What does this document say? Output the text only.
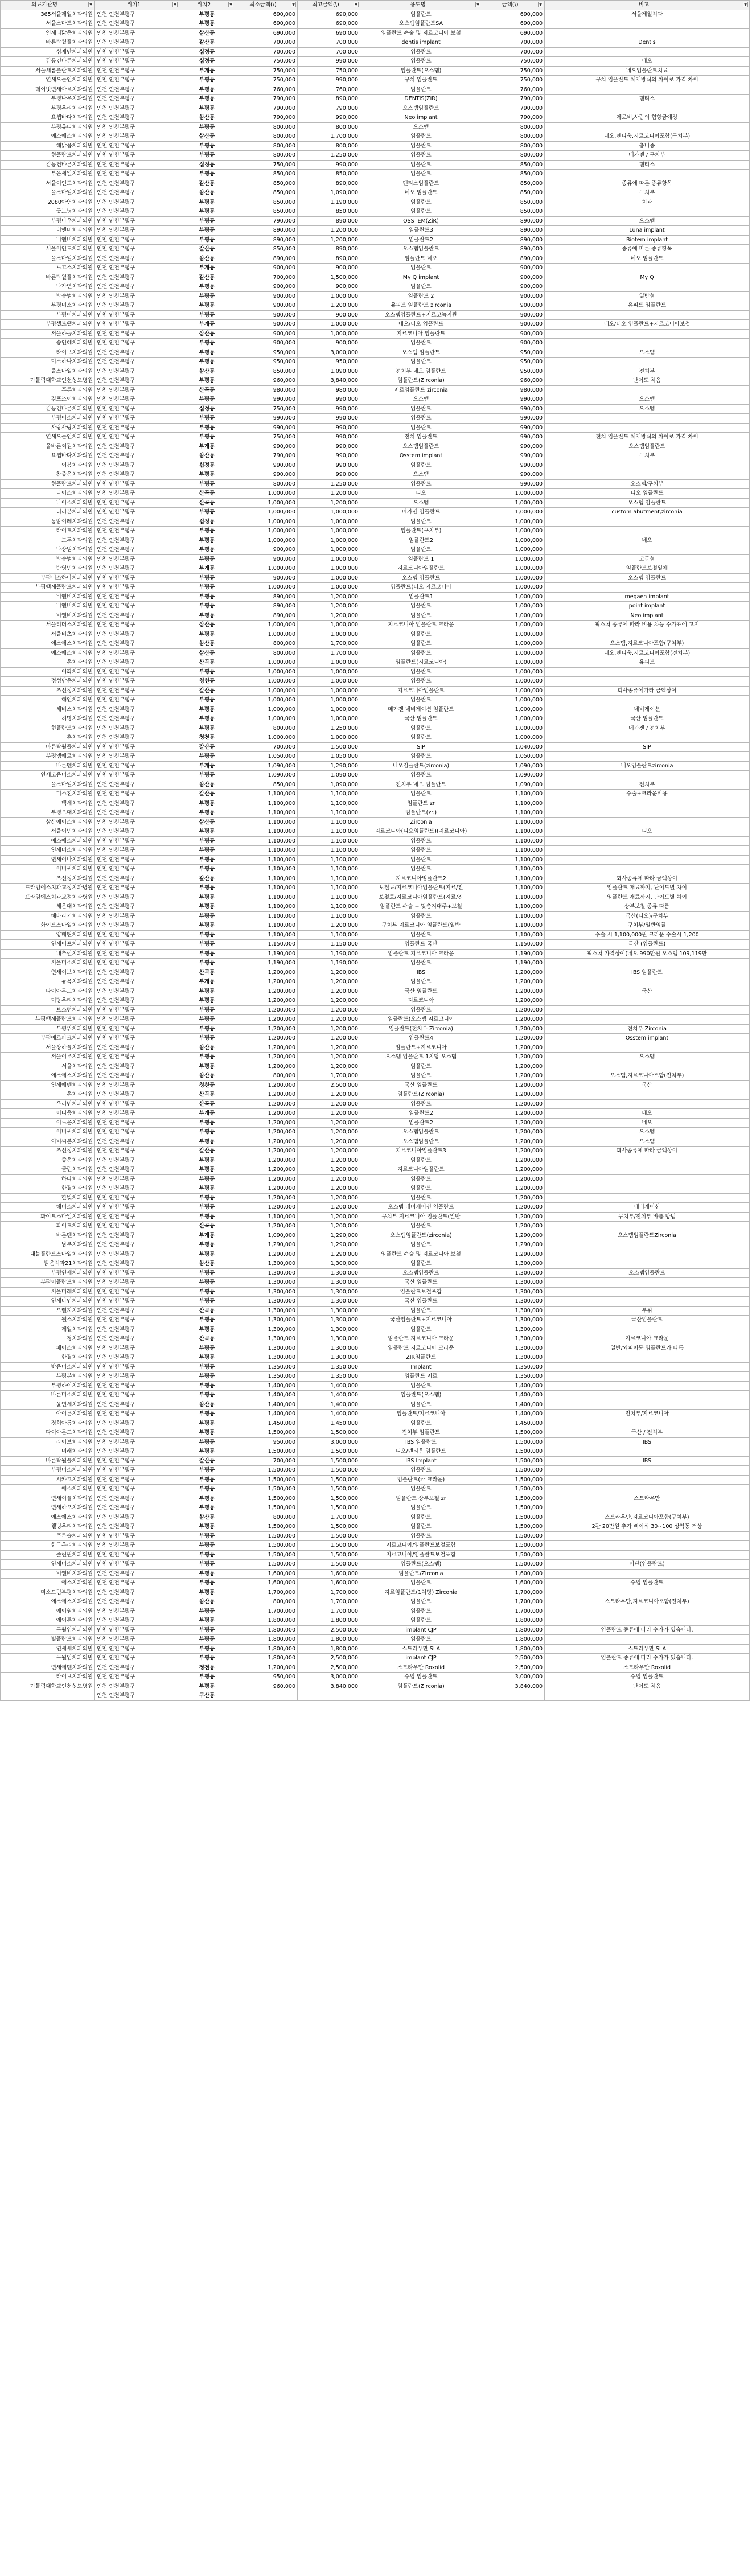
의료기관명 ▼	위치1 ▼	위치2 ▼	최소금액(\) ▼	최고금액(\) ▼	용도명 ▼	금액(\) ▼	비고 ▼

365서울제일치과의원	인천 인천부평구	부평동	690,000	690,000	임플란트	690,000	서울제일치과
서울스마트치과의원	인천 인천부평구	부평동	690,000	690,000	오스템임플란트SA	690,000	
연세더맑은치과의원	인천 인천부평구	삼산동	690,000	690,000	임플란트 수술 및 지르코니아 보철	690,000	
바른탁월플치과의원	인천 인천부평구	갈산동	700,000	700,000	dentis implant	700,000	Dentis
심재만치과의원	인천 인천부평구	십정동	700,000	700,000	임플란트	700,000	
김동건바른치과의원	인천 인천부평구	십정동	750,000	990,000	임플란트	750,000	네오
서울새롬플란트치과의원	인천 인천부평구	부개동	750,000	750,000	임플란트(오스템)	750,000	네오임플란트치료
연세오늘인치과의원	인천 인천부평구	부평동	750,000	990,000	구치 임플란트	750,000	구치 임플란트 체재방식의 차이로 가격 차이
데이빗연세아르치과의원	인천 인천부평구	부평동	760,000	760,000	임플란트	760,000	
부평나우치과의원	인천 인천부평구	부평동	790,000	890,000	DENTIS(ZiR)	790,000	덴티스
부평우리치과의원	인천 인천부평구	부평동	790,000	790,000	오스템임플란트	790,000	
요셉바다치과의원	인천 인천부평구	삼산동	790,000	990,000	Neo implant	790,000	제로비,사람의 힘향금예정
부평유디치과의원	인천 인천부평구	부평동	800,000	800,000	오스템	800,000	
에스에스치과의원	인천 인천부평구	삼산동	800,000	1,700,000	임플란트	800,000	네오,덴티움,지르코니아포함(구치부)
해맑음치과의원	인천 인천부평구	부평동	800,000	800,000	임플란트	800,000	충버종
현플란트치과의원	인천 인천부평구	부평동	800,000	1,250,000	임플란트	800,000	메가젠 / 구치부
김동건바른치과의원	인천 인천부평구	십정동	750,000	990,000	임플란트	850,000	덴티스
부은세일치과의원	인천 인천부평구	부평동	850,000	850,000	임플란트	850,000	
서울이인도치과의원	인천 인천부평구	갈산동	850,000	890,000	덴티스임플란트	850,000	종류에 따른 종류항목
올스마일치과의원	인천 인천부평구	삼산동	850,000	1,090,000	네오 임플란트	850,000	구치부
2080아연치과의원	인천 인천부평구	부평동	850,000	1,190,000	임플란트	850,000	치과
굿모닝치과의원	인천 인천부평구	부평동	850,000	850,000	임플란트	850,000	
부평나우치과의원	인천 인천부평구	부평동	790,000	890,000	OSSTEM(ZiR)	890,000	오스템
비엔비치과의원	인천 인천부평구	부평동	890,000	1,200,000	임플란트3	890,000	Luna implant
비엔비치과의원	인천 인천부평구	부평동	890,000	1,200,000	임플란트2	890,000	Biotem implant
서울이인도치과의원	인천 인천부평구	갈산동	850,000	890,000	오스템임플란트	890,000	종류에 따른 종류항목
올스마일치과의원	인천 인천부평구	삼산동	890,000	890,000	임플란트 네오	890,000	네오 임플란트
로고스치과의원	인천 인천부평구	부개동	900,000	900,000	임플란트	900,000	
바른탁월플치과의원	인천 인천부평구	갈산동	700,000	1,500,000	My Q implant	900,000	My Q
박가연치과의원	인천 인천부평구	부평동	900,000	900,000	임플란트	900,000	
박승범치과의원	인천 인천부평구	부평동	900,000	1,000,000	임플란트 2	900,000	일반형
부평미소치과의원	인천 인천부평구	부평동	900,000	1,200,000	유피트 임플란트 zirconia	900,000	유피트 임플란트
부평이치과의원	인천 인천부평구	부평동	900,000	900,000	오스템임플란트+지르코늄지관	900,000	
부평셀트웰치과의원	인천 인천부평구	부개동	900,000	1,000,000	네오/디오 임플란트	900,000	네오/디오 임플란트+지르코니아보철
서울하늘치과의원	인천 인천부평구	삼산동	900,000	1,000,000	지르코니아 임플란트	900,000	
송인혜치과의원	인천 인천부평구	부평동	900,000	900,000	임플란트	900,000	
라이브치과의원	인천 인천부평구	부평동	950,000	3,000,000	오스템 임플란트	950,000	오스템
미소하나치과의원	인천 인천부평구	부평동	950,000	950,000	임플란트	950,000	
올스마일치과의원	인천 인천부평구	삼산동	850,000	1,090,000	전치부 네오 임플란트	950,000	전치부
가톨릭대학교인천성모병원	인천 인천부평구	부평동	960,000	3,840,000	임플란트(Zirconia)	960,000	난이도 처음
푸른치과의원	인천 인천부평구	산곡동	980,000	980,000	지르임플란트 zirconia	980,000	
김포조이치과의원	인천 인천부평구	부평동	990,000	990,000	오스템	990,000	오스템
김동건바른치과의원	인천 인천부평구	십정동	750,000	990,000	임플란트	990,000	오스템
부평이소치과의원	인천 인천부평구	부평동	990,000	990,000	임플란트	990,000	
사랑사랑치과의원	인천 인천부평구	부평동	990,000	990,000	임플란트	990,000	
연세오늘인치과의원	인천 인천부평구	부평동	750,000	990,000	전치 임플란트	990,000	전치 임플란트 체재방식의 차이로 가격 차이
올바른외길치과의원	인천 인천부평구	부개동	990,000	990,000	오스템임플란트	990,000	오스템임플란트
요셉바다치과의원	인천 인천부평구	삼산동	790,000	990,000	Osstem implant	990,000	구치부
이봉치과의원	인천 인천부평구	십정동	990,000	990,000	임플란트	990,000	
참좋은치과의원	인천 인천부평구	부평동	990,000	990,000	오스템	990,000	
현플란트치과의원	인천 인천부평구	부평동	800,000	1,250,000	임플란트	990,000	오스템/구치부
나이스치과의원	인천 인천부평구	산곡동	1,000,000	1,200,000	디오	1,000,000	디오 임플란트
나이스치과의원	인천 인천부평구	산곡동	1,000,000	1,200,000	오스템	1,000,000	오스템 임플란트
더리본치과의원	인천 인천부평구	부평동	1,000,000	1,000,000	메가젠 임플란트	1,000,000	custom abutment,zirconia
동암이레치과의원	인천 인천부평구	십정동	1,000,000	1,000,000	임플란트	1,000,000	
라이트치과의원	인천 인천부평구	부평동	1,000,000	1,000,000	임플란트(구치부)	1,000,000	
모두치과의원	인천 인천부평구	부평동	1,000,000	1,000,000	임플란트2	1,000,000	네오
박상범치과의원	인천 인천부평구	부평동	900,000	1,000,000	임플란트	1,000,000	
박승범치과의원	인천 인천부평구	부평동	900,000	1,000,000	임플란트 1	1,000,000	고급형
반영민치과의원	인천 인천부평구	부개동	1,000,000	1,000,000	지르코니아임플란트	1,000,000	임플란트보철일체
부평미소하나치과의원	인천 인천부평구	부평동	900,000	1,000,000	오스템 임플란트	1,000,000	오스템 임플란트
부평백세플란트치과의원	인천 인천부평구	부평동	1,000,000	1,000,000	임플란트(디오 지르코니아	1,000,000	
비엔비치과의원	인천 인천부평구	부평동	890,000	1,200,000	임플란트1	1,000,000	megaen implant
비엔비치과의원	인천 인천부평구	부평동	890,000	1,200,000	임플란트	1,000,000	point implant
비엔비치과의원	인천 인천부평구	부평동	890,000	1,200,000	임플란트	1,000,000	Neo implant
서울리더스치과의원	인천 인천부평구	삼산동	1,000,000	1,000,000	지르코니아 임플란트 크라운	1,000,000	픽스쳐 종류에 따라 비용 차등 수가표에 고지
서울비츠치과의원	인천 인천부평구	부평동	1,000,000	1,000,000	임플란트	1,000,000	
에스에스치과의원	인천 인천부평구	삼산동	800,000	1,700,000	임플란트	1,000,000	오스템,지르코니아포함(구치부)
에스에스치과의원	인천 인천부평구	삼산동	800,000	1,700,000	임플란트	1,000,000	네오,덴티움,지르코니아포함(전치부)
온치과의원	인천 인천부평구	산곡동	1,000,000	1,000,000	임플란트(지르코니아)	1,000,000	유피트
이화치과의원	인천 인천부평구	부평동	1,000,000	1,000,000	임플란트	1,000,000	
정성담은치과의원	인천 인천부평구	청천동	1,000,000	1,000,000	임플란트	1,000,000	
조선정치과의원	인천 인천부평구	갈산동	1,000,000	1,000,000	지르코니아임플란트	1,000,000	회사종류에따라 금액상이
해인치과의원	인천 인천부평구	부평동	1,000,000	1,000,000	임플란트	1,000,000	
헤비스치과의원	인천 인천부평구	부평동	1,000,000	1,000,000	메가젠 네비게이션 임플란트	1,000,000	네비게이션
허명치과의원	인천 인천부평구	부평동	1,000,000	1,000,000	국산 임플란트	1,000,000	국산 임플란트
현플란트치과의원	인천 인천부평구	부평동	800,000	1,250,000	임플란트	1,000,000	메가젠 / 전치부
훈치과의원	인천 인천부평구	청천동	1,000,000	1,000,000	임플란트	1,000,000	
바른탁월플치과의원	인천 인천부평구	갈산동	700,000	1,500,000	SIP	1,040,000	SIP
부평엠에르치과의원	인천 인천부평구	부평동	1,050,000	1,050,000	임플란트	1,050,000	
바른덴치과의원	인천 인천부평구	부개동	1,090,000	1,290,000	네오임플란트(zirconia)	1,090,000	네오임플란트zirconia
연세고운미소치과의원	인천 인천부평구	부평동	1,090,000	1,090,000	임플란트	1,090,000	
올스마일치과의원	인천 인천부평구	삼산동	850,000	1,090,000	전치부 네오 임플란트	1,090,000	전치부
미소진치과의원	인천 인천부평구	갈산동	1,100,000	1,100,000	임플란트	1,100,000	수술+크라운비용
백세치과의원	인천 인천부평구	부평동	1,100,000	1,100,000	임플란트 zr	1,100,000	
부평오대치과의원	인천 인천부평구	부평동	1,100,000	1,100,000	임플란트(zr.)	1,100,000	
삼산에이스치과의원	인천 인천부평구	삼산동	1,100,000	1,100,000	Zirconia	1,100,000	
서울이민치과의원	인천 인천부평구	부평동	1,100,000	1,100,000	지르코니아(디오임플란트)(지르코니아)	1,100,000	디오
에스에스치과의원	인천 인천부평구	부평동	1,100,000	1,100,000	임플란트	1,100,000	
연세미소치과의원	인천 인천부평구	부평동	1,100,000	1,100,000	임플란트	1,100,000	
연세이나치과의원	인천 인천부평구	부평동	1,100,000	1,100,000	임플란트	1,100,000	
이비씨치과의원	인천 인천부평구	부평동	1,100,000	1,100,000	임플란트	1,100,000	
조선정치과의원	인천 인천부평구	갈산동	1,100,000	1,100,000	지르코니아임플란트2	1,100,000	회사종류에 따라 금액상이
프라임에스치과교정치과병원	인천 인천부평구	부평동	1,100,000	1,100,000	보철료/지르코니아임플란트(지르/진	1,100,000	임플란트 재료까지, 난이도별 차이
프라임에스치과교정치과병원	인천 인천부평구	부평동	1,100,000	1,100,000	보철료/지르코니아임플란트(지르/진	1,100,000	임플란트 재료까지, 난이도별 차이
해운대치과의원	인천 인천부평구	부평동	1,100,000	1,100,000	임플란트 수술 + 맞춤지대주+보철	1,100,000	상부보철 종류 따름
헤바라기치과의원	인천 인천부평구	부평동	1,100,000	1,100,000	임플란트	1,100,000	국산(디오)/구치부
화이트스마일치과의원	인천 인천부평구	부평동	1,100,000	1,200,000	구치부 지르코니아 임플란트(일반	1,100,000	구치부/일반임플
양배틴치과의원	인천 인천부평구	부평동	1,100,000	1,100,000	임플란트	1,100,000	수술 시 1,100,000원 크라운 수술시 1,200
연세이프치과의원	인천 인천부평구	부평동	1,150,000	1,150,000	임플란트 국산	1,150,000	국산 (임플란트)
내추럴치과의원	인천 인천부평구	부평동	1,190,000	1,190,000	임플란트 지르코니아 크라운	1,190,000	픽스쳐 가격상이(네오 990만원 오스템 109,119만
서울미소치과의원	인천 인천부평구	부평동	1,190,000	1,190,000	임플란트	1,190,000	
연세이브치과의원	인천 인천부평구	산곡동	1,200,000	1,200,000	IBS	1,200,000	IBS 임플란트
뉴욕치과의원	인천 인천부평구	부개동	1,200,000	1,200,000	임플란트	1,200,000	
다이아몬드치과의원	인천 인천부평구	부평동	1,200,000	1,200,000	국산 임플란트	1,200,000	국산
미당우리치과의원	인천 인천부평구	부평동	1,200,000	1,200,000	지르코니아	1,200,000	
보스턴치과의원	인천 인천부평구	부평동	1,200,000	1,200,000	임플란트	1,200,000	
부평백세플란트치과의원	인천 인천부평구	부평동	1,200,000	1,200,000	임플란트(오스템 지르코니아	1,200,000	
부평위치과의원	인천 인천부평구	부평동	1,200,000	1,200,000	임플란트(전치부 Zirconia)	1,200,000	전치부 Zirconia
부평에르파크치과의원	인천 인천부평구	부평동	1,200,000	1,200,000	임플란트4	1,200,000	Osstem implant
서울상하플치과의원	인천 인천부평구	삼산동	1,200,000	1,200,000	임플란트+지르코니아	1,200,000	
서울이루치과의원	인천 인천부평구	부평동	1,200,000	1,200,000	오스템 임플란트 1치당 오스템	1,200,000	오스템
서울치과의원	인천 인천부평구	부평동	1,200,000	1,200,000	임플란트	1,200,000	
에스에스치과의원	인천 인천부평구	삼산동	800,000	1,700,000	임플란트	1,200,000	오스템,지르코니아포함(전치부)
연세에덴치과의원	인천 인천부평구	청천동	1,200,000	2,500,000	국산 임플란트	1,200,000	국산
온치과의원	인천 인천부평구	산곡동	1,200,000	1,200,000	임플란트(Zirconia)	1,200,000	
우리민치과의원	인천 인천부평구	산곡동	1,200,000	1,200,000	임플란트	1,200,000	
이디움치과의원	인천 인천부평구	부개동	1,200,000	1,200,000	임플란트2	1,200,000	네오
이로운치과의원	인천 인천부평구	부평동	1,200,000	1,200,000	임플란트2	1,200,000	네오
이비씨치과의원	인천 인천부평구	부평동	1,200,000	1,200,000	오스템임플란트	1,200,000	오스템
이비씨본치과의원	인천 인천부평구	부평동	1,200,000	1,200,000	오스템임플란트	1,200,000	오스템
조선정치과의원	인천 인천부평구	갈산동	1,200,000	1,200,000	지르코니아임플란트3	1,200,000	회사종류에 따라 금액상이
좋은치과의원	인천 인천부평구	부평동	1,200,000	1,200,000	임플란트	1,200,000	
클린치과의원	인천 인천부평구	부평동	1,200,000	1,200,000	지르코니아임플란트	1,200,000	
하나치과의원	인천 인천부평구	부평동	1,200,000	1,200,000	임플란트	1,200,000	
한결치과의원	인천 인천부평구	부평동	1,200,000	1,200,000	임플란트	1,200,000	
한빛치과의원	인천 인천부평구	부평동	1,200,000	1,200,000	임플란트	1,200,000	
헤비스치과의원	인천 인천부평구	부평동	1,200,000	1,200,000	오스템 네비게이션 임플란트	1,200,000	네비게이션
화이트스마일치과의원	인천 인천부평구	부평동	1,100,000	1,200,000	구치부 지르코니아 임플란트(일반	1,200,000	구치부/전치부 바름 방법
화이트치과의원	인천 인천부평구	산곡동	1,200,000	1,200,000	임플란트	1,200,000	
바른덴치과의원	인천 인천부평구	부개동	1,090,000	1,290,000	오스템임플란트(zirconia)	1,290,000	오스템임플란트Zirconia
남부치과의원	인천 인천부평구	부평동	1,290,000	1,290,000	임플란트	1,290,000	
대불플란트스마일치과의원	인천 인천부평구	부평동	1,290,000	1,290,000	임플란트 수술 및 지르코니아 보철	1,290,000	
밝은치과21치과의원	인천 인천부평구	삼산동	1,300,000	1,300,000	임플란트	1,300,000	
부평연세치과의원	인천 인천부평구	부평동	1,300,000	1,300,000	오스템임플란트	1,300,000	오스템임플란트
부평이플란트치과의원	인천 인천부평구	부평동	1,300,000	1,300,000	국산 임플란트	1,300,000	
서울미래치과의원	인천 인천부평구	부평동	1,300,000	1,300,000	임플란트보철포함	1,300,000	
연세다인치과의원	인천 인천부평구	부평동	1,300,000	1,300,000	국산 임플란트	1,300,000	
오렌지치과의원	인천 인천부평구	산곡동	1,300,000	1,300,000	임플란트	1,300,000	부위
웰스치과의원	인천 인천부평구	부평동	1,300,000	1,300,000	국산임플란트+지르코니아	1,300,000	국산임플란트
제일치과의원	인천 인천부평구	부평동	1,300,000	1,300,000	임플란트	1,300,000	
청치과의원	인천 인천부평구	산곡동	1,300,000	1,300,000	임플란트 지르코니아 크라운	1,300,000	지르코니아 크라운
페이스치과의원	인천 인천부평구	부평동	1,300,000	1,300,000	임플란트 지르코니아 크라운	1,300,000	일반/외피이동 임플란트가 다름
한결치과의원	인천 인천부평구	부평동	1,300,000	1,300,000	ZIR임플란트	1,300,000	
밝은미소치과의원	인천 인천부평구	부평동	1,350,000	1,350,000	Implant	1,350,000	
부평본치과의원	인천 인천부평구	부평동	1,350,000	1,350,000	임플란트 지르	1,350,000	
부평하이치과의원	인천 인천부평구	부평동	1,400,000	1,400,000	임플란트	1,400,000	
바른미소치과의원	인천 인천부평구	부평동	1,400,000	1,400,000	임플란트(오스템)	1,400,000	
윤연세치과의원	인천 인천부평구	삼산동	1,400,000	1,400,000	임플란트	1,400,000	
아이튼치과의원	인천 인천부평구	부평동	1,400,000	1,400,000	임플란트/지르코니아	1,400,000	전치부/지르코니아
경희아름치과의원	인천 인천부평구	부평동	1,450,000	1,450,000	임플란트	1,450,000	
다이아몬드치과의원	인천 인천부평구	부평동	1,500,000	1,500,000	전치부 임플란트	1,500,000	국산 / 전치부
라이브치과의원	인천 인천부평구	부평동	950,000	3,000,000	IBS 임플란트	1,500,000	IBS
미래치과의원	인천 인천부평구	부평동	1,500,000	1,500,000	디오/덴티움 임플란트	1,500,000	
바른탁월플치과의원	인천 인천부평구	갈산동	700,000	1,500,000	IBS Implant	1,500,000	IBS
부평미소치과의원	인천 인천부평구	부평동	1,500,000	1,500,000	임플란트	1,500,000	
시카고치과의원	인천 인천부평구	부평동	1,500,000	1,500,000	임플란트(zr 크라운)	1,500,000	
에스치과의원	인천 인천부평구	부평동	1,500,000	1,500,000	임플란트	1,500,000	
연세이플치과의원	인천 인천부평구	부평동	1,500,000	1,500,000	임플란트 상부보철 zr	1,500,000	스트라우만
연세하오치과의원	인천 인천부평구	부평동	1,500,000	1,500,000	임플란트	1,500,000	
에스에스치과의원	인천 인천부평구	삼산동	800,000	1,700,000	임플란트	1,500,000	스트라우만,지르코니아포함(구치부)
웰빙우리치과의원	인천 인천부평구	부평동	1,500,000	1,500,000	임플란트	1,500,000	2관 20만원 추가 뼈이식 30~100 상악동 거상
푸른솔치과의원	인천 인천부평구	부평동	1,500,000	1,500,000	임플란트	1,500,000	
한국우리치과의원	인천 인천부평구	부평동	1,500,000	1,500,000	지르코니아/임플란트보철포함	1,500,000	
줄린원치과의원	인천 인천부평구	부평동	1,500,000	1,500,000	지르코니아/임플란트보철포함	1,500,000	
연세미소치과의원	인천 인천부평구	부평동	1,500,000	1,500,000	임플란트(오스템)	1,500,000	미단(임플란트)
비엔비치과의원	인천 인천부평구	부평동	1,600,000	1,600,000	임플란트/Zirconia	1,600,000	
에스치과의원	인천 인천부평구	부평동	1,600,000	1,600,000	임플란트	1,600,000	수입 임플란트
미소드림부평치과의원	인천 인천부평구	부평동	1,700,000	1,700,000	지르임플란트(1치당) Zirconia	1,700,000	
에스에스치과의원	인천 인천부평구	삼산동	800,000	1,700,000	임플란트	1,700,000	스트라우만,지르코니아포함(전치부)
에이원치과의원	인천 인천부평구	부평동	1,700,000	1,700,000	임플란트	1,700,000	
에이튼치과의원	인천 인천부평구	부평동	1,800,000	1,800,000	임플란트	1,800,000	
구월임치과의원	인천 인천부평구	부평동	1,800,000	2,500,000	implant CJP	1,800,000	임플란트 종류에 따라 수가가 있습니다.
별플란트치과의원	인천 인천부평구	부평동	1,800,000	1,800,000	임플란트	1,800,000	
연세새치과의원	인천 인천부평구	부평동	1,800,000	1,800,000	스트라우만 SLA	1,800,000	스트라우만 SLA
구월임치과의원	인천 인천부평구	부평동	1,800,000	2,500,000	implant CJP	2,500,000	임플란트 종류에 따라 수가가 있습니다.
연세에덴치과의원	인천 인천부평구	청천동	1,200,000	2,500,000	스트라우만 Roxolid	2,500,000	스트라우만 Roxolid
라이브치과의원	인천 인천부평구	부평동	950,000	3,000,000	수입 임플란트	3,000,000	수입 임플란트
가톨릭대학교인천성모병원	인천 인천부평구	부평동	960,000	3,840,000	임플란트(Zirconia)	3,840,000	난이도 처음
	인천 인천부평구	구산동					
